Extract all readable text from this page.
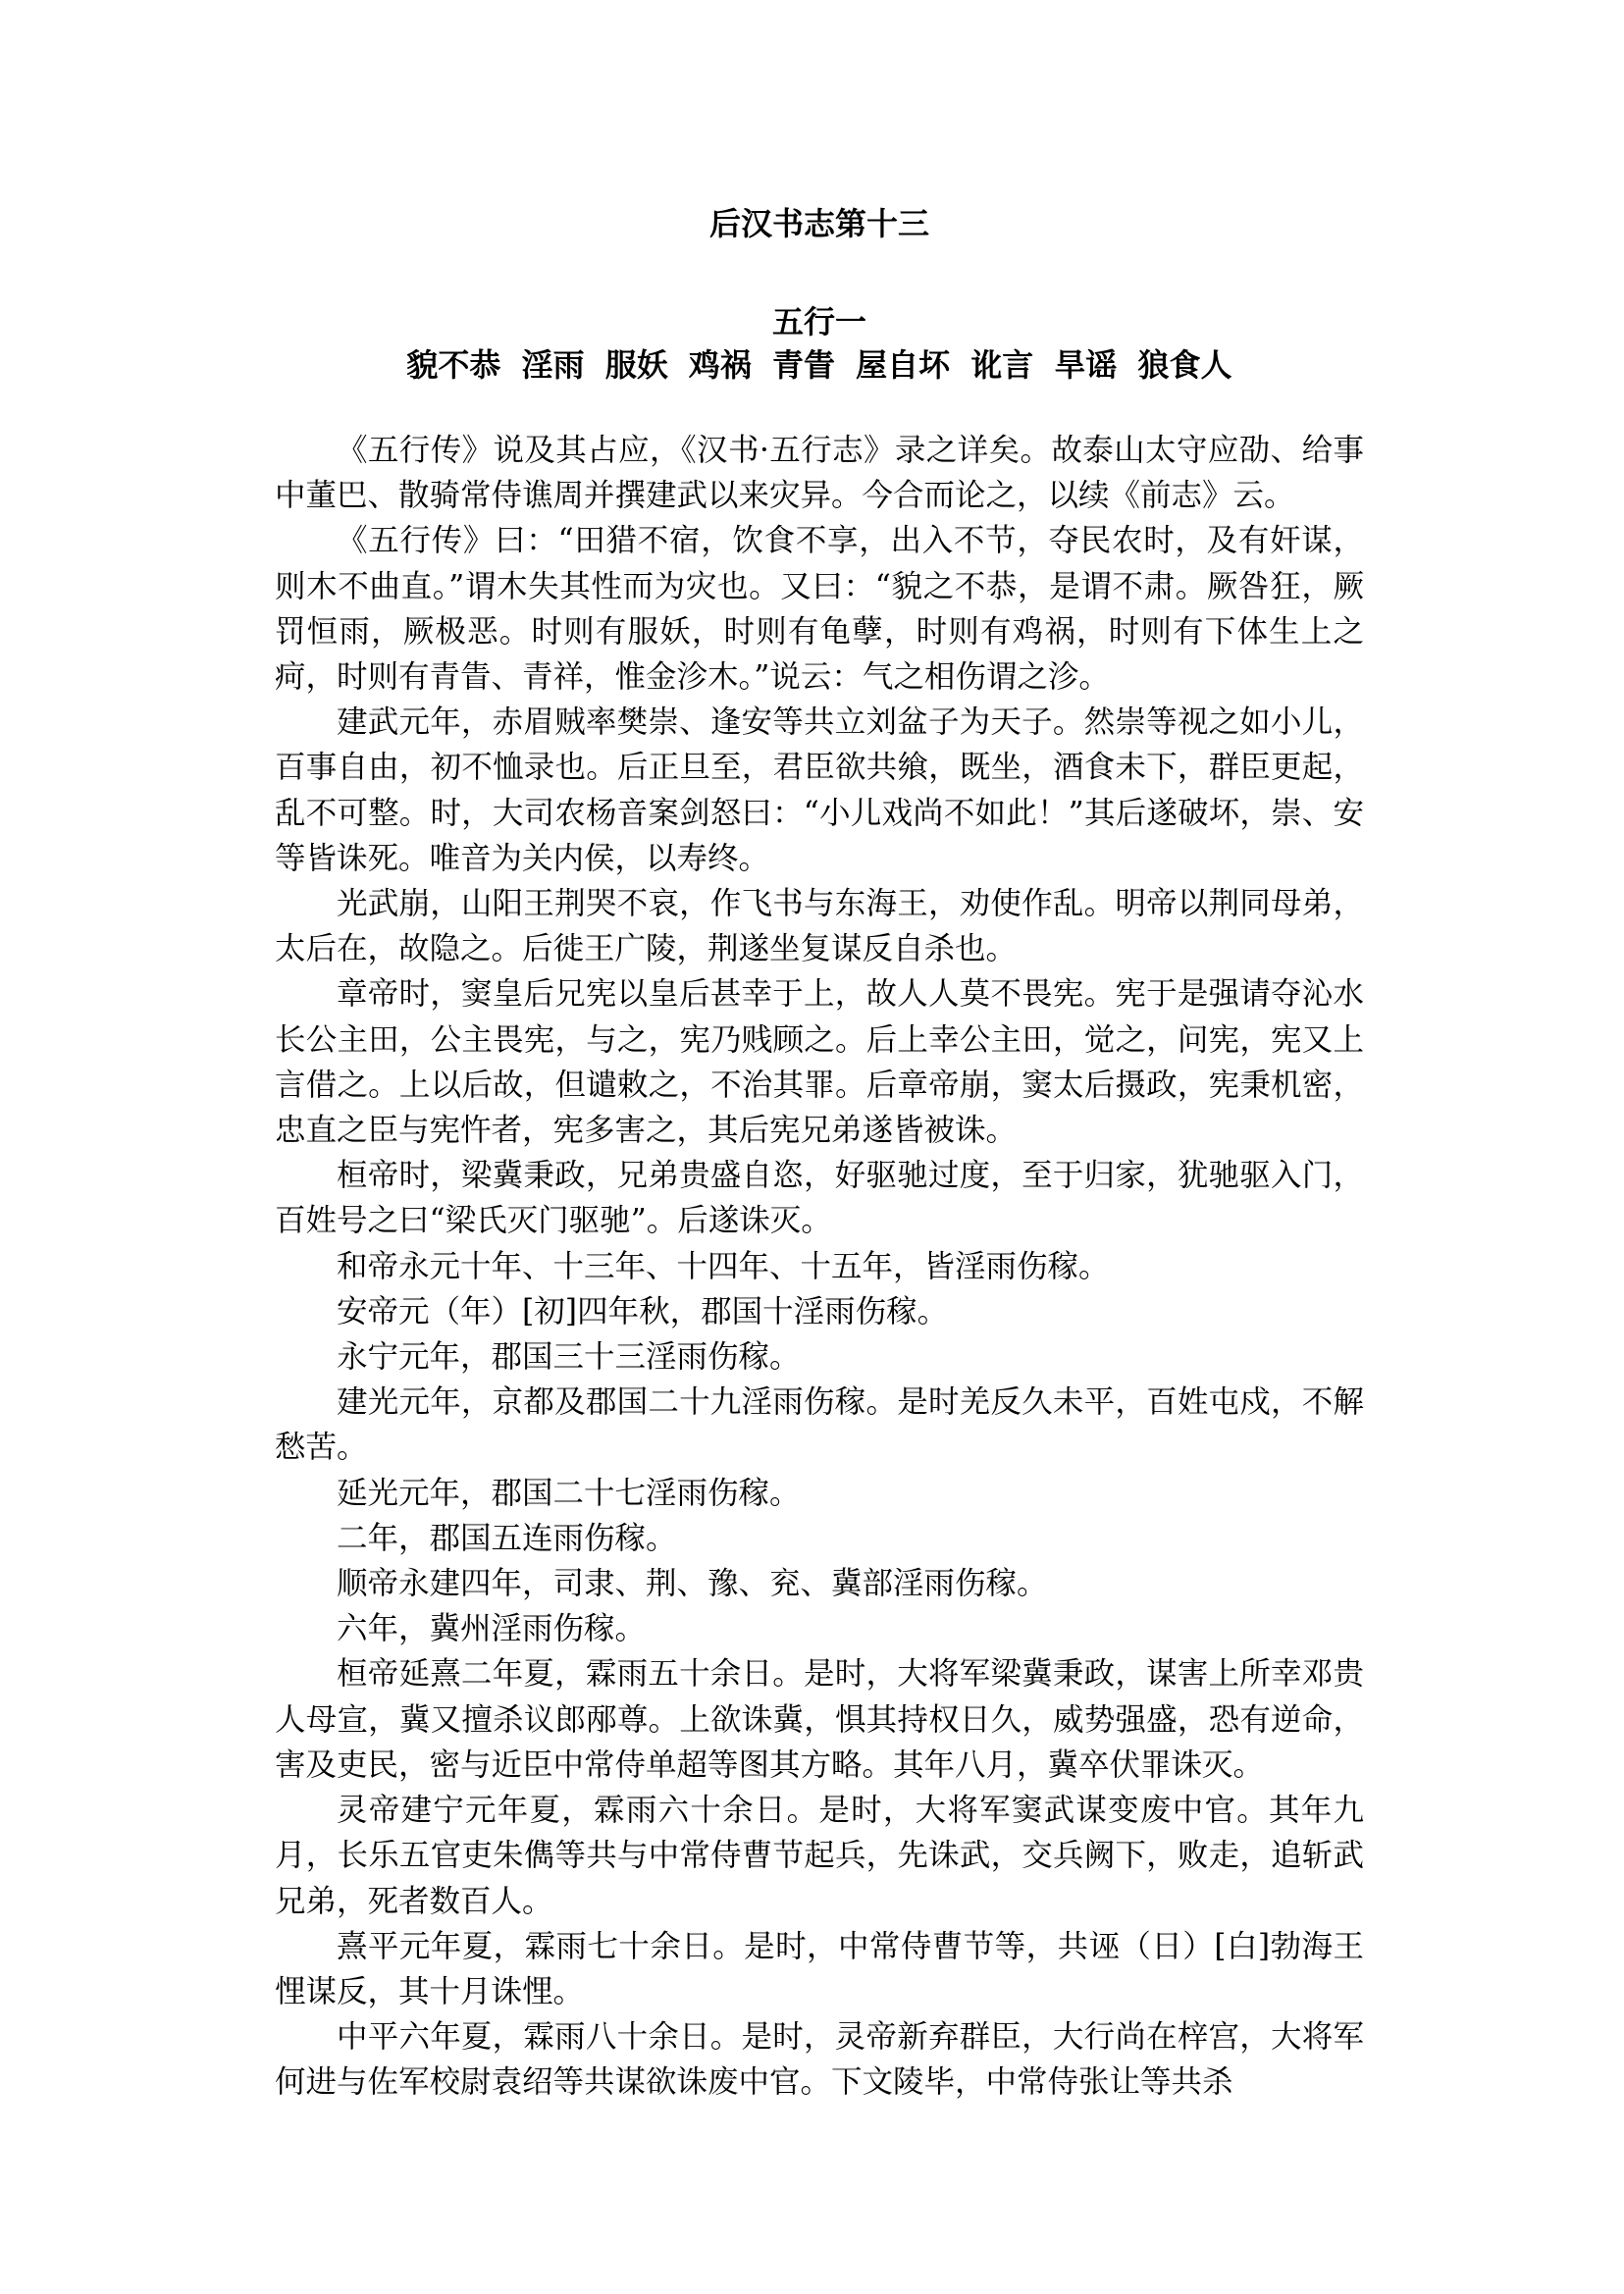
后汉书志第十三
五行一
貌不恭 淫雨 服妖 鸡祸 青眚 屋自坏 讹言 旱谣 狼食人

《五行传》说及其占应，《汉书·五行志》录之详矣。故泰山太守应劭、给事中董巴、散骑常侍谯周并撰建武以来灾异。今合而论之，以续《前志》云。

《五行传》曰：“田猎不宿，饮食不享，出入不节，夺民农时，及有奸谋，则木不曲直。”谓木失其性而为灾也。又曰：“貌之不恭，是谓不肃。厥咎狂，厥罚恒雨，厥极恶。时则有服妖，时则有龟孽，时则有鸡祸，时则有下体生上之疴，时则有青眚、青祥，惟金沴木。”说云：气之相伤谓之沴。

建武元年，赤眉贼率樊崇、逢安等共立刘盆子为天子。然崇等视之如小儿，百事自由，初不恤录也。后正旦至，君臣欲共飨，既坐，酒食未下，群臣更起，乱不可整。时，大司农杨音案剑怒曰：“小儿戏尚不如此！”其后遂破坏，崇、安等皆诛死。唯音为关内侯，以寿终。

光武崩，山阳王荆哭不哀，作飞书与东海王，劝使作乱。明帝以荆同母弟，太后在，故隐之。后徙王广陵，荆遂坐复谋反自杀也。

章帝时，窦皇后兄宪以皇后甚幸于上，故人人莫不畏宪。宪于是强请夺沁水长公主田，公主畏宪，与之，宪乃贱顾之。后上幸公主田，觉之，问宪，宪又上言借之。上以后故，但谴敕之，不治其罪。后章帝崩，窦太后摄政，宪秉机密，忠直之臣与宪忤者，宪多害之，其后宪兄弟遂皆被诛。

桓帝时，梁冀秉政，兄弟贵盛自恣，好驱驰过度，至于归家，犹驰驱入门，百姓号之曰“梁氏灭门驱驰”。后遂诛灭。

和帝永元十年、十三年、十四年、十五年，皆淫雨伤稼。

安帝元（年）[初]四年秋，郡国十淫雨伤稼。

永宁元年，郡国三十三淫雨伤稼。

建光元年，京都及郡国二十九淫雨伤稼。是时羌反久未平，百姓屯戍，不解愁苦。

延光元年，郡国二十七淫雨伤稼。

二年，郡国五连雨伤稼。

顺帝永建四年，司隶、荆、豫、兖、冀部淫雨伤稼。

六年，冀州淫雨伤稼。

桓帝延熹二年夏，霖雨五十余日。是时，大将军梁冀秉政，谋害上所幸邓贵人母宣，冀又擅杀议郎邴尊。上欲诛冀，惧其持权日久，威势强盛，恐有逆命，害及吏民，密与近臣中常侍单超等图其方略。其年八月，冀卒伏罪诛灭。

灵帝建宁元年夏，霖雨六十余日。是时，大将军窦武谋变废中官。其年九月，长乐五官吏朱儁等共与中常侍曹节起兵，先诛武，交兵阙下，败走，追斩武兄弟，死者数百人。

熹平元年夏，霖雨七十余日。是时，中常侍曹节等，共诬（日）[白]勃海王悝谋反，其十月诛悝。

中平六年夏，霖雨八十余日。是时，灵帝新弃群臣，大行尚在梓宫，大将军何进与佐军校尉袁绍等共谋欲诛废中官。下文陵毕，中常侍张让等共杀
